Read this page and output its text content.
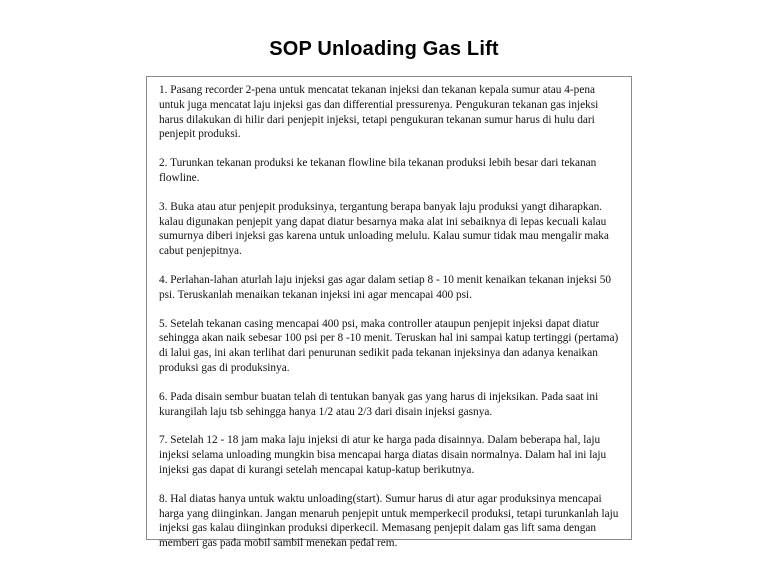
SOP Unloading Gas Lift

1. Pasang recorder 2-pena untuk mencatat tekanan injeksi dan tekanan kepala sumur atau 4-pena untuk juga mencatat laju injeksi gas dan differential pressurenya. Pengukuran tekanan gas injeksi harus dilakukan di hilir dari penjepit injeksi, tetapi pengukuran tekanan sumur harus di hulu dari penjepit produksi.

2. Turunkan tekanan produksi ke tekanan flowline bila tekanan produksi lebih besar dari tekanan flowline.

3. Buka atau atur penjepit produksinya, tergantung berapa banyak laju produksi yangt diharapkan. kalau digunakan penjepit yang dapat diatur besarnya maka alat ini sebaiknya di lepas kecuali kalau sumurnya diberi injeksi gas karena untuk unloading melulu. Kalau sumur tidak mau mengalir maka cabut penjepitnya.

4. Perlahan-lahan aturlah laju injeksi gas agar dalam setiap 8 - 10 menit kenaikan tekanan injeksi 50 psi. Teruskanlah menaikan tekanan injeksi ini agar mencapai 400 psi.

5. Setelah tekanan casing mencapai 400 psi, maka controller ataupun penjepit injeksi dapat diatur sehingga akan naik sebesar 100 psi per 8 -10 menit. Teruskan hal ini sampai katup tertinggi (pertama) di lalui gas, ini akan terlihat dari penurunan sedikit pada tekanan injeksinya dan adanya kenaikan produksi gas di produksinya.

6. Pada disain sembur buatan telah di tentukan banyak gas yang harus di injeksikan. Pada saat ini kurangilah laju tsb sehingga hanya 1/2 atau 2/3 dari disain injeksi gasnya.

7. Setelah 12 - 18 jam maka laju injeksi di atur ke harga pada disainnya. Dalam beberapa hal, laju injeksi selama unloading mungkin bisa mencapai harga diatas disain normalnya. Dalam hal ini laju injeksi gas dapat di kurangi setelah mencapai katup-katup berikutnya.

8. Hal diatas hanya untuk waktu unloading(start). Sumur harus di atur agar produksinya mencapai harga yang diinginkan. Jangan menaruh penjepit untuk memperkecil produksi, tetapi turunkanlah laju injeksi gas kalau diinginkan produksi diperkecil. Memasang penjepit dalam gas lift sama dengan memberi gas pada mobil sambil menekan pedal rem.
